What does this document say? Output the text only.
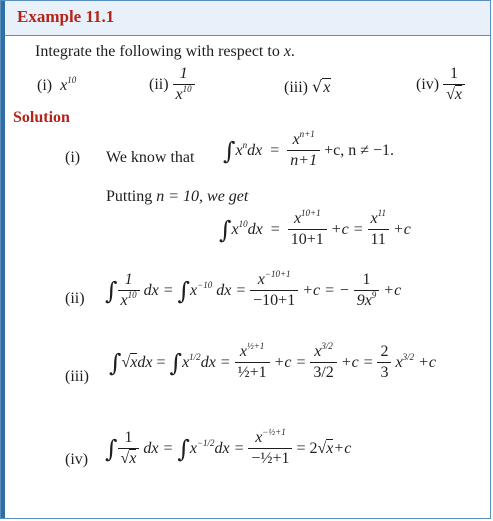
Example 11.1
Integrate the following with respect to x.
(i)  $x^{10}$	$(ii) \frac{1}{x^{10}}$	(iii) √x	$(iv) \frac{1}{√x}$
Solution
(i) We know that $\int x^ndx = \frac{x^{n+1}}{n+1} +c$, n ≠ −1.
Putting n = 10, we get
$\int x^{10}dx = \frac{x^{10+1}}{10+1} +c = \frac{x^{11}}{11} +c$
(ii) ∫ $\frac{1}{x^{10}}$ dx = $\int x^{-10}$ dx = $\frac{x^{-10+1}}{-10+1} +c$ = − $\frac{1}{9x^9} +c$
(iii) $\int√xdx = \int x^{1/2}dx = \frac{x^{\frac{1}{2}+1}}{\text{½+1}} +c = \frac{x^{3/2}}{3/2} +c = \frac{2}{3} x^{3/2} +c$
(iv) ∫ $\frac{1}{√x}$ dx = $\int x^{-1/2}dx = \frac{x^{-\frac{1}{2}+1}}{\text{−½+1}} = 2√x+c$
